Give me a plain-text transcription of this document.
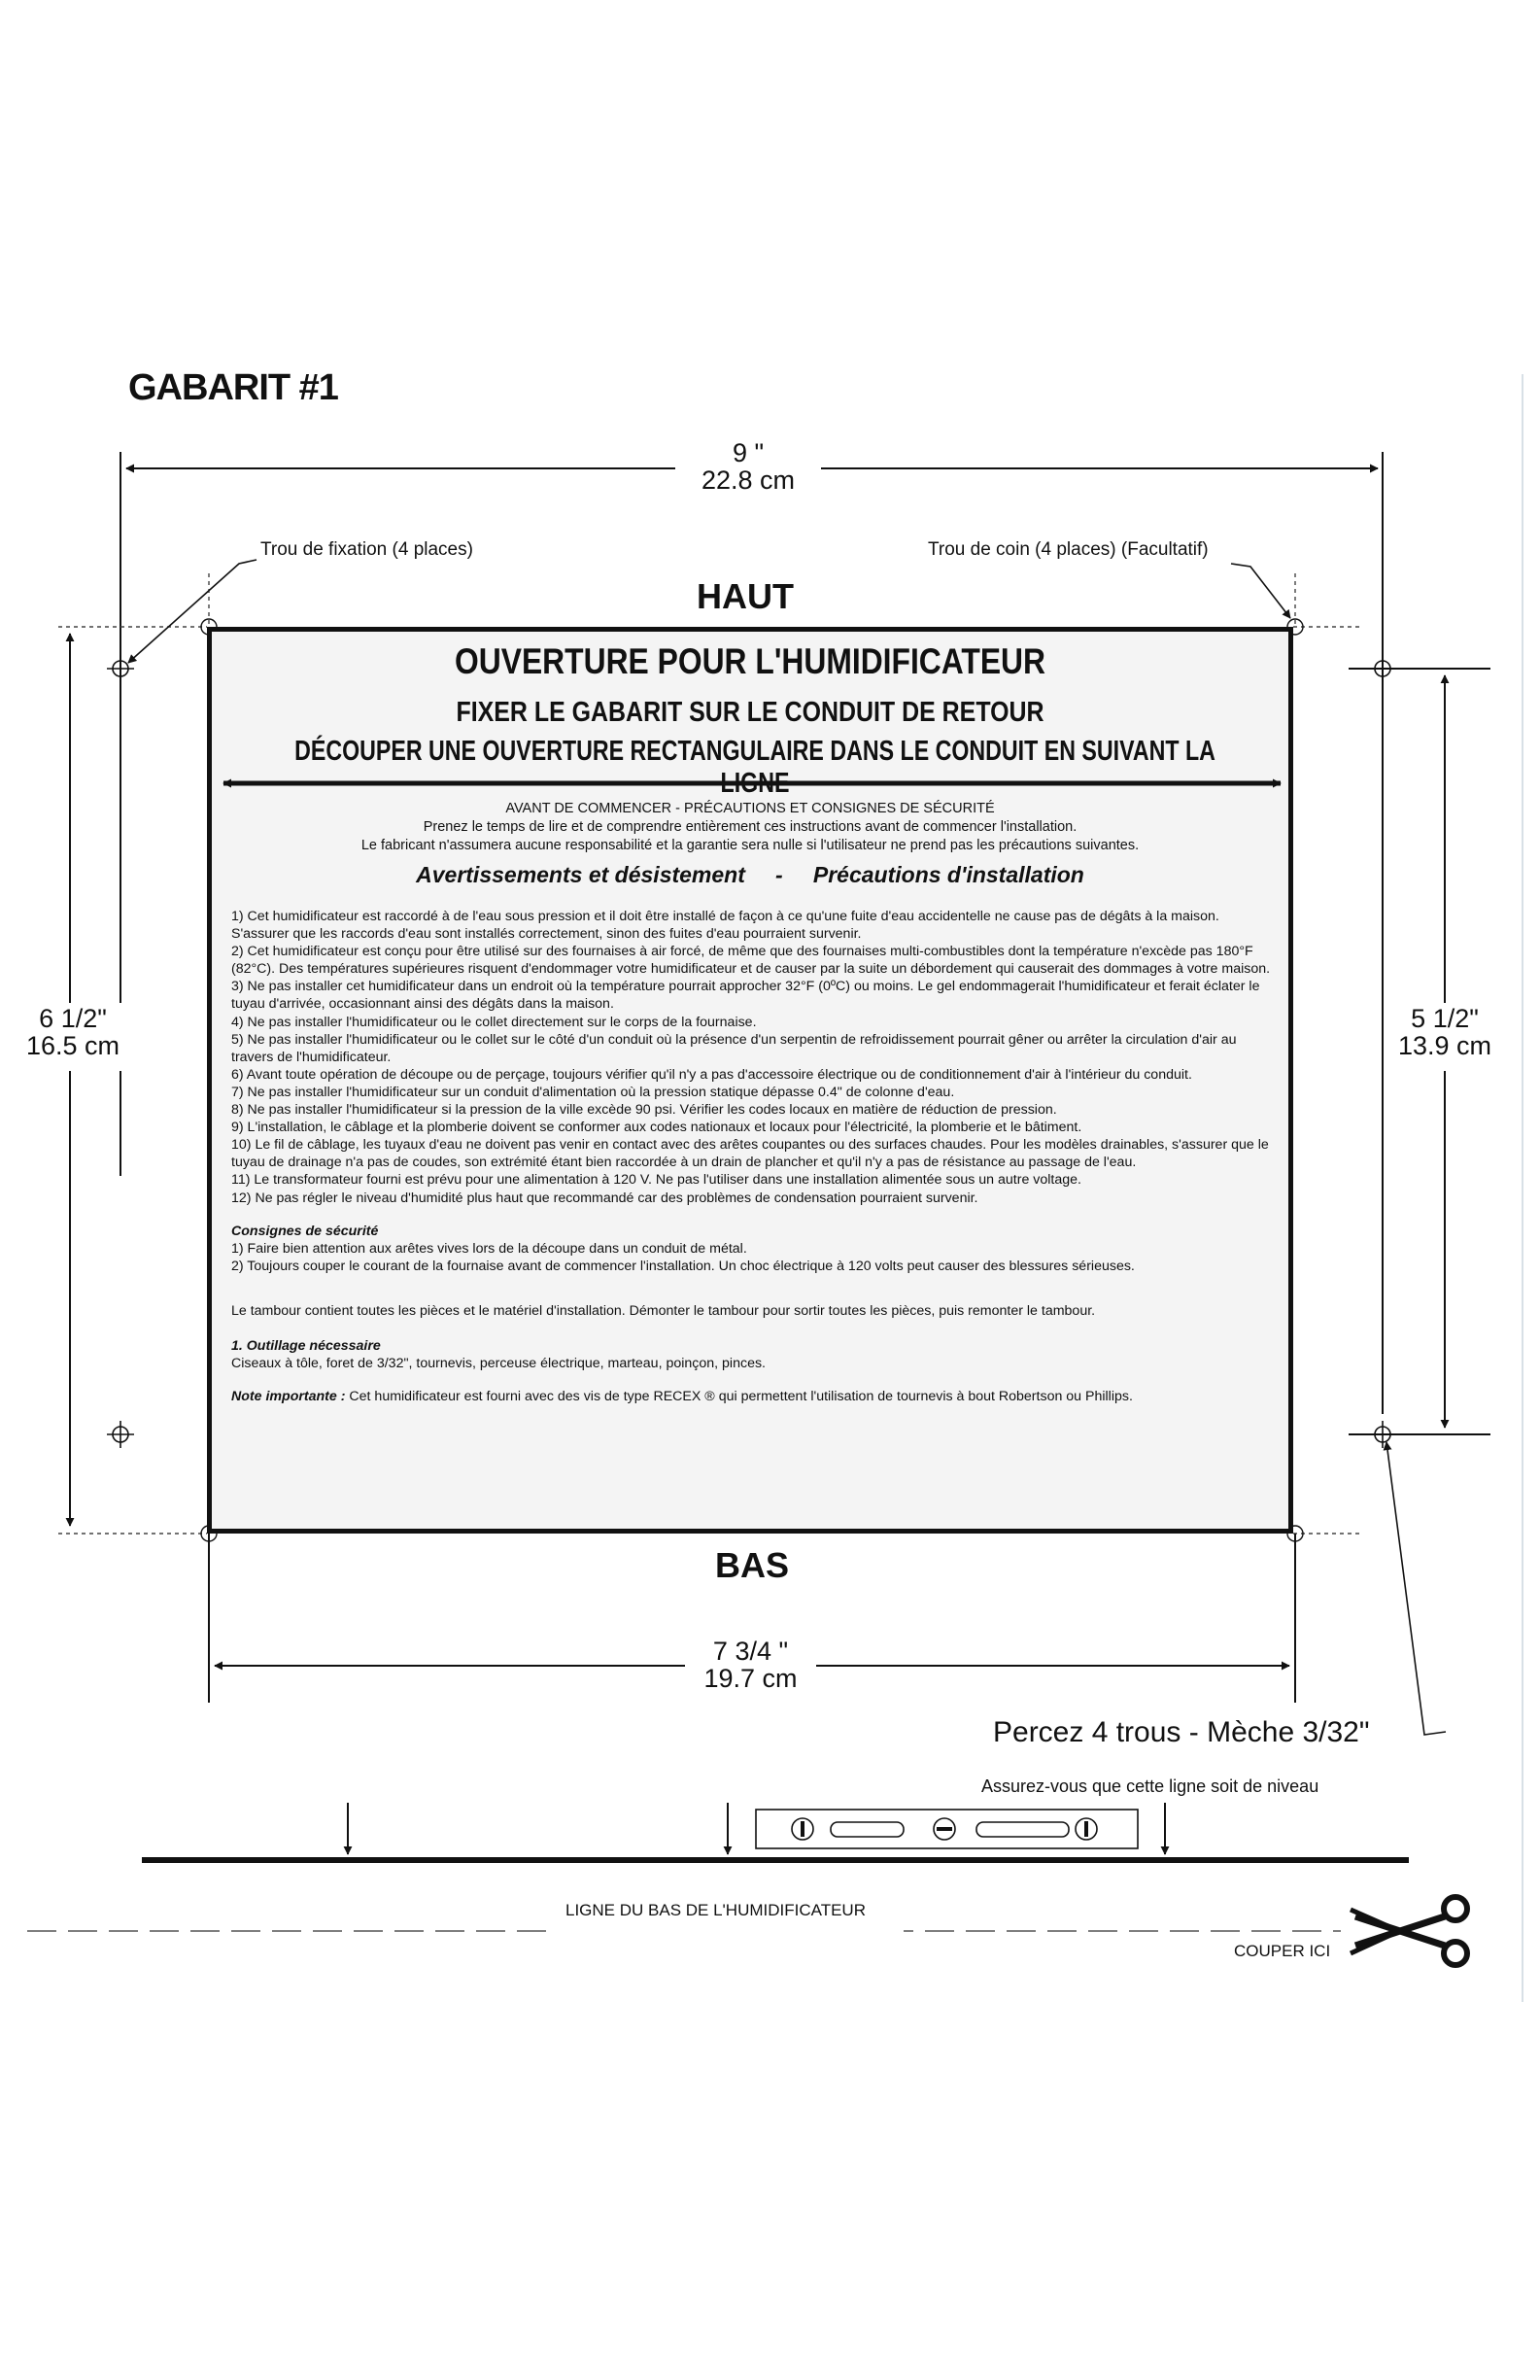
GABARIT #1
9 "
22.8 cm
Trou de fixation (4 places)	Trou de coin (4 places) (Facultatif)
HAUT
6 1/2"
16.5 cm
5 1/2"
13.9 cm
OUVERTURE POUR L'HUMIDIFICATEUR
FIXER LE GABARIT SUR LE CONDUIT DE RETOUR
DÉCOUPER UNE OUVERTURE RECTANGULAIRE DANS LE CONDUIT EN SUIVANT LA LIGNE
AVANT DE COMMENCER - PRÉCAUTIONS ET CONSIGNES DE SÉCURITÉ
Prenez le temps de lire et de comprendre entièrement ces instructions avant de commencer l'installation.
Le fabricant n'assumera aucune responsabilité et la garantie sera nulle si l'utilisateur ne prend pas les précautions suivantes.
Avertissements et désistement - Précautions d'installation

1) Cet humidificateur est raccordé à de l'eau sous pression et il doit être installé de façon à ce qu'une fuite d'eau accidentelle ne cause pas de dégâts à la maison. S'assurer que les raccords d'eau sont installés correctement, sinon des fuites d'eau pourraient survenir.

2) Cet humidificateur est conçu pour être utilisé sur des fournaises à air forcé, de même que des fournaises multi-combustibles dont la température n'excède pas 180°F (82°C). Des températures supérieures risquent d'endommager votre humidificateur et de causer par la suite un débordement qui causerait des dommages à votre maison.

3) Ne pas installer cet humidificateur dans un endroit où la température pourrait approcher 32°F (0ºC) ou moins. Le gel endommagerait l'humidificateur et ferait éclater le tuyau d'arrivée, occasionnant ainsi des dégâts dans la maison.

4) Ne pas installer l'humidificateur ou le collet directement sur le corps de la fournaise.

5) Ne pas installer l'humidificateur ou le collet sur le côté d'un conduit où la présence d'un serpentin de refroidissement pourrait gêner ou arrêter la circulation d'air au travers de l'humidificateur.

6) Avant toute opération de découpe ou de perçage, toujours vérifier qu'il n'y a pas d'accessoire électrique ou de conditionnement d'air à l'intérieur du conduit.

7) Ne pas installer l'humidificateur sur un conduit d'alimentation où la pression statique dépasse 0.4" de colonne d'eau.

8) Ne pas installer l'humidificateur si la pression de la ville excède 90 psi. Vérifier les codes locaux en matière de réduction de pression.

9) L'installation, le câblage et la plomberie doivent se conformer aux codes nationaux et locaux pour l'électricité, la plomberie et le bâtiment.

10) Le fil de câblage, les tuyaux d'eau ne doivent pas venir en contact avec des arêtes coupantes ou des surfaces chaudes. Pour les modèles drainables, s'assurer que le tuyau de drainage n'a pas de coudes, son extrémité étant bien raccordée à un drain de plancher et qu'il n'y a pas de résistance au passage de l'eau.

11) Le transformateur fourni est prévu pour une alimentation à 120 V. Ne pas l'utiliser dans une installation alimentée sous un autre voltage.

12) Ne pas régler le niveau d'humidité plus haut que recommandé car des problèmes de condensation pourraient survenir.

Consignes de sécurité

1) Faire bien attention aux arêtes vives lors de la découpe dans un conduit de métal.

2) Toujours couper le courant de la fournaise avant de commencer l'installation. Un choc électrique à 120 volts peut causer des blessures sérieuses.

Le tambour contient toutes les pièces et le matériel d'installation. Démonter le tambour pour sortir toutes les pièces, puis remonter le tambour.

1. Outillage nécessaire

Ciseaux à tôle, foret de 3/32", tournevis, perceuse électrique, marteau, poinçon, pinces.

Note importante : Cet humidificateur est fourni avec des vis de type RECEX ® qui permettent l'utilisation de tournevis à bout Robertson ou Phillips.

BAS
7 3/4 "
19.7 cm
Percez 4 trous - Mèche 3/32"
Assurez-vous que cette ligne soit de niveau
LIGNE DU BAS DE L'HUMIDIFICATEUR
COUPER ICI
